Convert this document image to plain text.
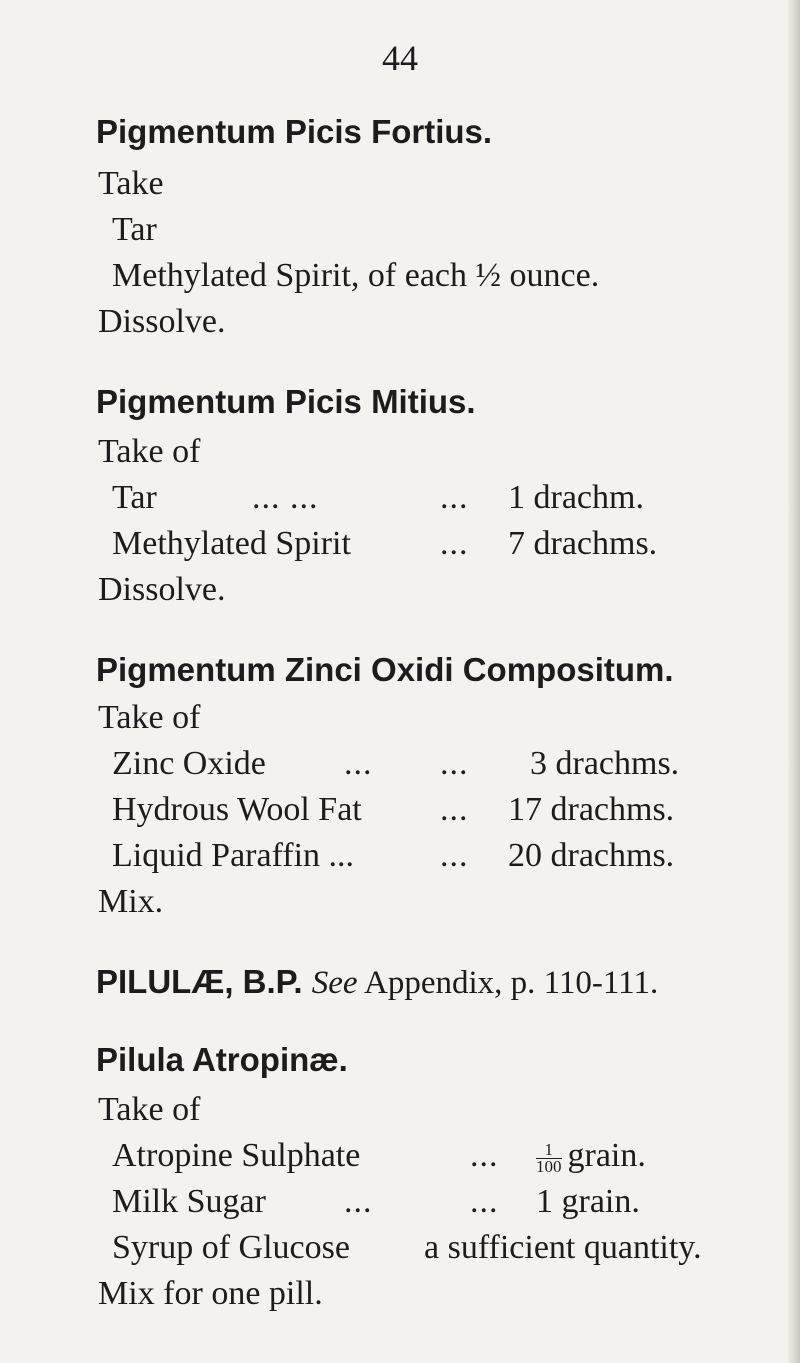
44
Pigmentum Picis Fortius.
Take
Tar
Methylated Spirit, of each ½ ounce.
Dissolve.
Pigmentum Picis Mitius.
Take of
Tar	... ...	... 1 drachm.
Methylated Spirit	... 7 drachms.
Dissolve.
Pigmentum Zinci Oxidi Compositum.
Take of
Zinc Oxide ... ... 3 drachms.
Hydrous Wool Fat ... 17 drachms.
Liquid Paraffin ...	... 20 drachms.
Mix.
PILULÆ, B.P. See Appendix, p. 110-111.
Pilula Atropinæ.
Take of
Atropine Sulphate	... $\frac{1}{100}$ grain.
Milk Sugar ...	... 1 grain.
Syrup of Glucose a sufficient quantity.
Mix for one pill.
